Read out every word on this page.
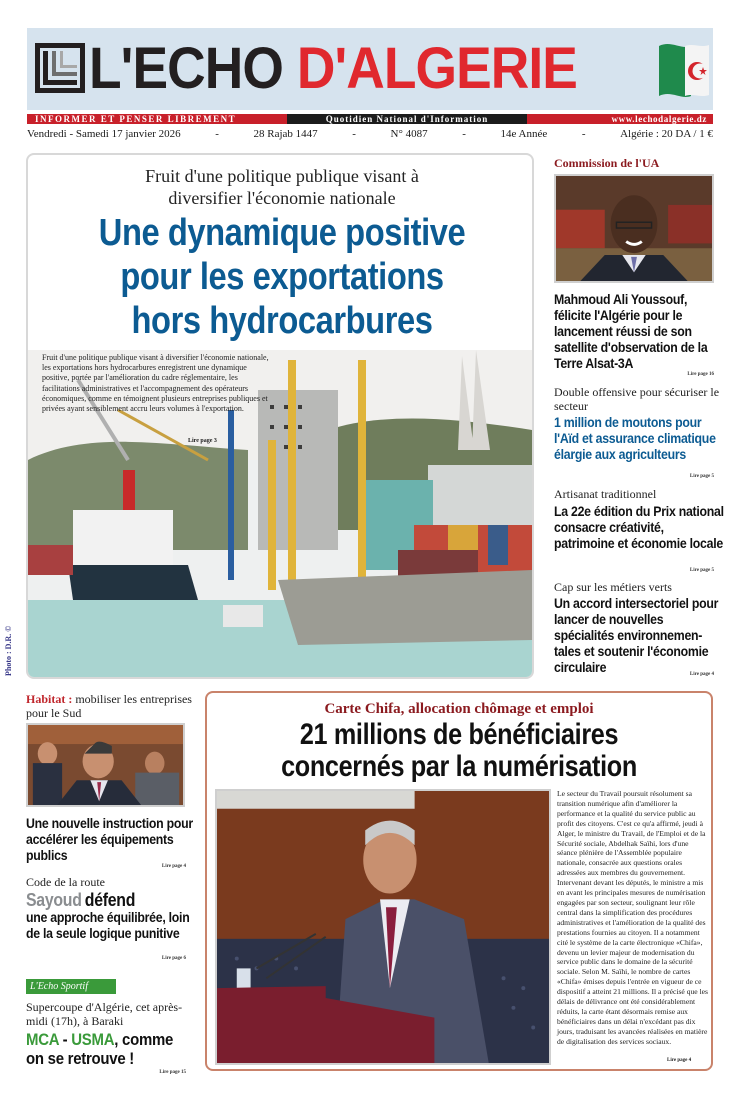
L'ECHO D'ALGERIE
INFORMER ET PENSER LIBREMENT	Quotidien National d'Information	www.lechodalgerie.dz
Vendredi - Samedi 17 janvier 2026	-	28 Rajab 1447	-	N° 4087	-	14e Année	-	Algérie : 20 DA / 1 €
Fruit d'une politique publique visant à diversifier l'économie nationale
Une dynamique positive pour les exportations hors hydrocarbures
Fruit d'une politique publique visant à diversifier l'économie nationale, les exportations hors hydrocarbures enregistrent une dynamique positive, portée par l'amélioration du cadre réglementaire, les facilitations administratives et l'accompagnement des opérateurs économiques, comme en témoignent plusieurs entreprises publiques et privées ayant sensiblement accru leurs volumes à l'exportation.
Lire page 3
Photo : D.R. ©
Commission de l'UA
Mahmoud Ali Youssouf, félicite l'Algérie pour le lancement réussi de son satellite d'observation de la Terre Alsat-3A
Lire page 16
Double offensive pour sécuriser le secteur
1 million de moutons pour l'Aïd et assurance climatique élargie aux agriculteurs
Lire page 5
Artisanat traditionnel
La 22e édition du Prix national consacre créativité, patrimoine et économie locale
Lire page 5
Cap sur les métiers verts
Un accord intersectoriel pour lancer de nouvelles spécialités environnemen-tales et soutenir l'économie circulaire	Lire page 4
Habitat : mobiliser les entreprises pour le Sud
Une nouvelle instruction pour accélérer les équipements publics
Lire page 4
Code de la route
Sayoud défend
une approche équilibrée, loin de la seule logique punitive
Lire page 6
L'Echo Sportif
Supercoupe d'Algérie, cet après-midi (17h), à Baraki
MCA - USMA, comme on se retrouve !
Lire page 15
Carte Chifa, allocation chômage et emploi
21 millions de bénéficiaires concernés par la numérisation
Le secteur du Travail poursuit résolument sa transition numérique afin d'améliorer la performance et la qualité du service public au profit des citoyens. C'est ce qu'a affirmé, jeudi à Alger, le ministre du Travail, de l'Emploi et de la Sécurité sociale, Abdelhak Saïhi, lors d'une séance plénière de l'Assemblée populaire nationale, consacrée aux questions orales adressées aux membres du gouvernement. Intervenant devant les députés, le ministre a mis en avant les principales mesures de numérisation engagées par son secteur, soulignant leur rôle central dans la simplification des procédures administratives et l'amélioration de la qualité des prestations fournies au citoyen. Il a notamment cité le système de la carte électronique «Chifa», devenu un levier majeur de modernisation du service public dans le domaine de la sécurité sociale. Selon M. Saïhi, le nombre de cartes «Chifa» émises depuis l'entrée en vigueur de ce dispositif a atteint 21 millions. Il a précisé que les délais de délivrance ont été considérablement réduits, la carte étant désormais remise aux bénéficiaires dans un délai n'excédant pas dix jours, traduisant les avancées réalisées en matière de digitalisation des services sociaux.
Lire page 4
